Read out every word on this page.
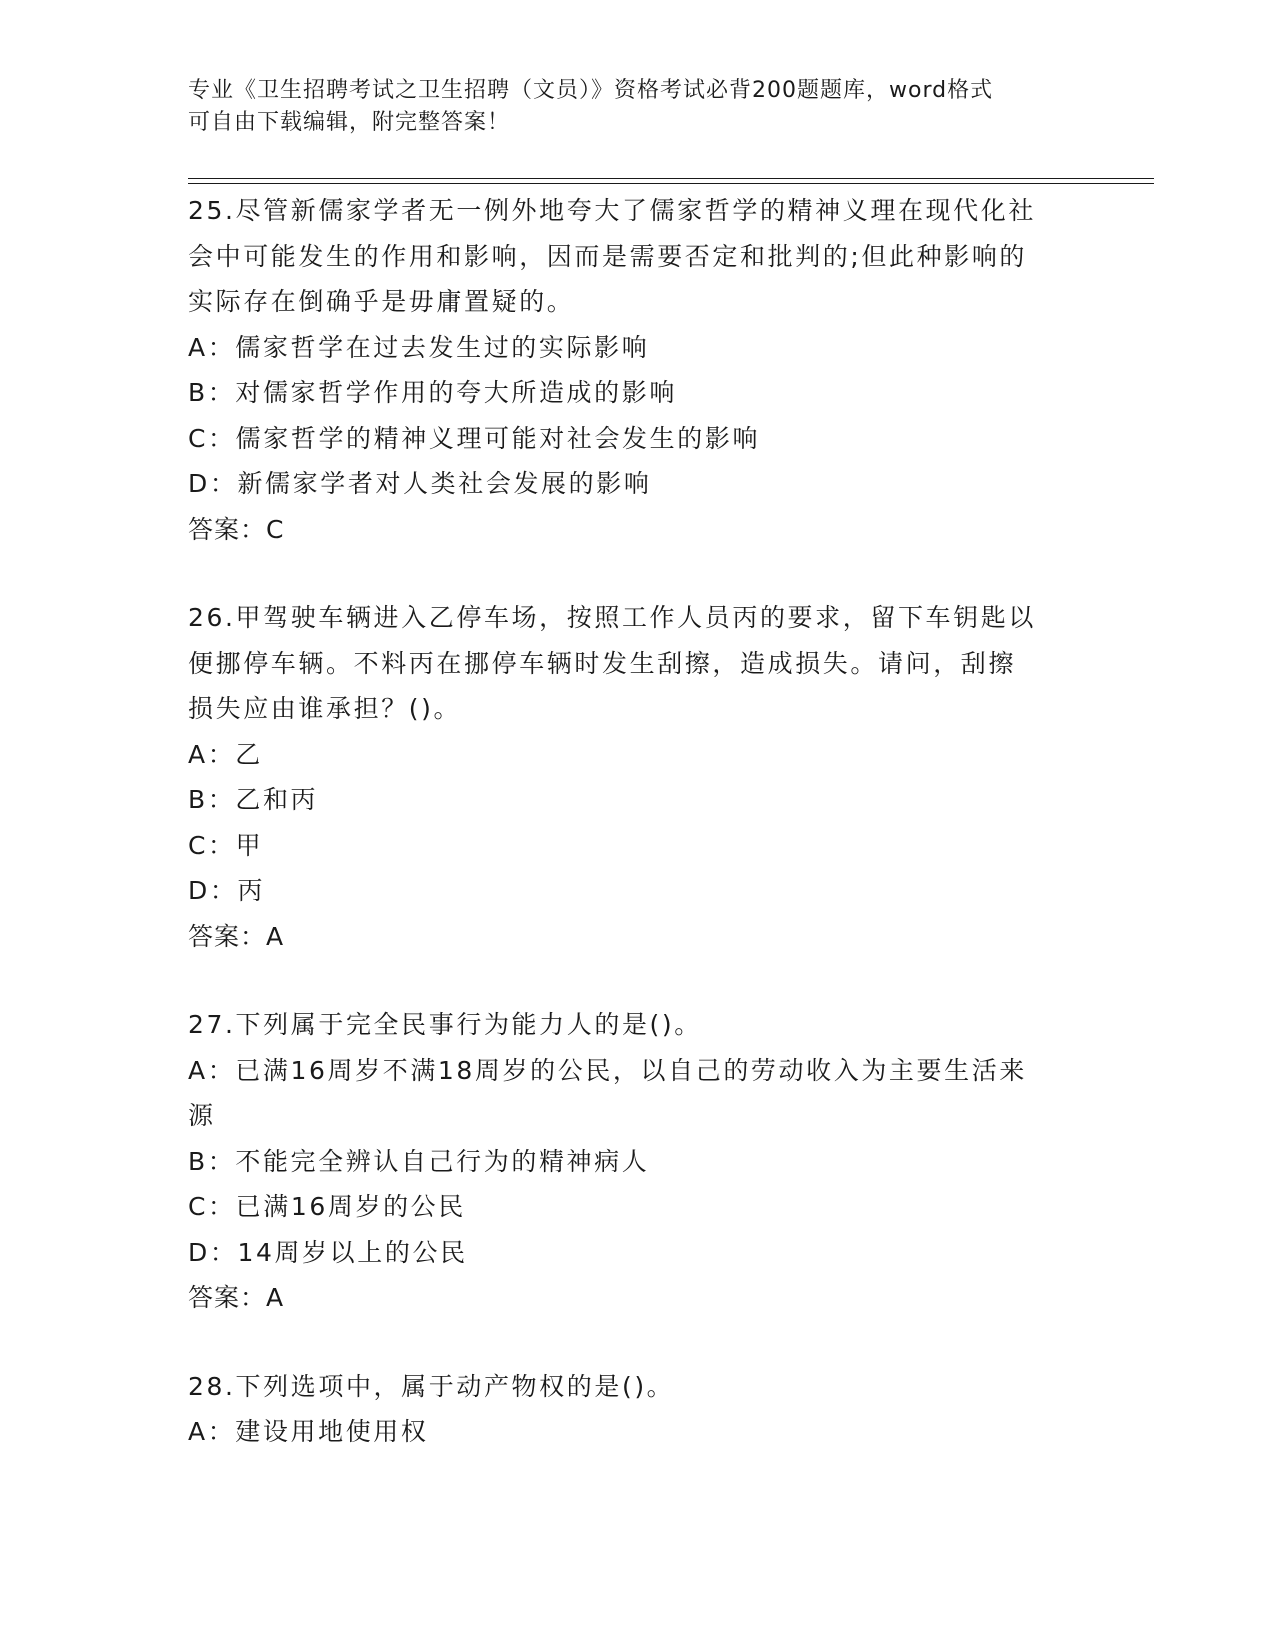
专业《卫生招聘考试之卫生招聘（文员）》资格考试必背200题题库，word格式
可自由下载编辑，附完整答案！
25.尽管新儒家学者无一例外地夸大了儒家哲学的精神义理在现代化社
会中可能发生的作用和影响，因而是需要否定和批判的;但此种影响的
实际存在倒确乎是毋庸置疑的。
A：儒家哲学在过去发生过的实际影响
B：对儒家哲学作用的夸大所造成的影响
C：儒家哲学的精神义理可能对社会发生的影响
D：新儒家学者对人类社会发展的影响
答案：C
26.甲驾驶车辆进入乙停车场，按照工作人员丙的要求，留下车钥匙以
便挪停车辆。不料丙在挪停车辆时发生刮擦，造成损失。请问，刮擦
损失应由谁承担？()。
A：乙
B：乙和丙
C：甲
D：丙
答案：A
27.下列属于完全民事行为能力人的是()。
A：已满16周岁不满18周岁的公民，以自己的劳动收入为主要生活来
源
B：不能完全辨认自己行为的精神病人
C：已满16周岁的公民
D：14周岁以上的公民
答案：A
28.下列选项中，属于动产物权的是()。
A：建设用地使用权
